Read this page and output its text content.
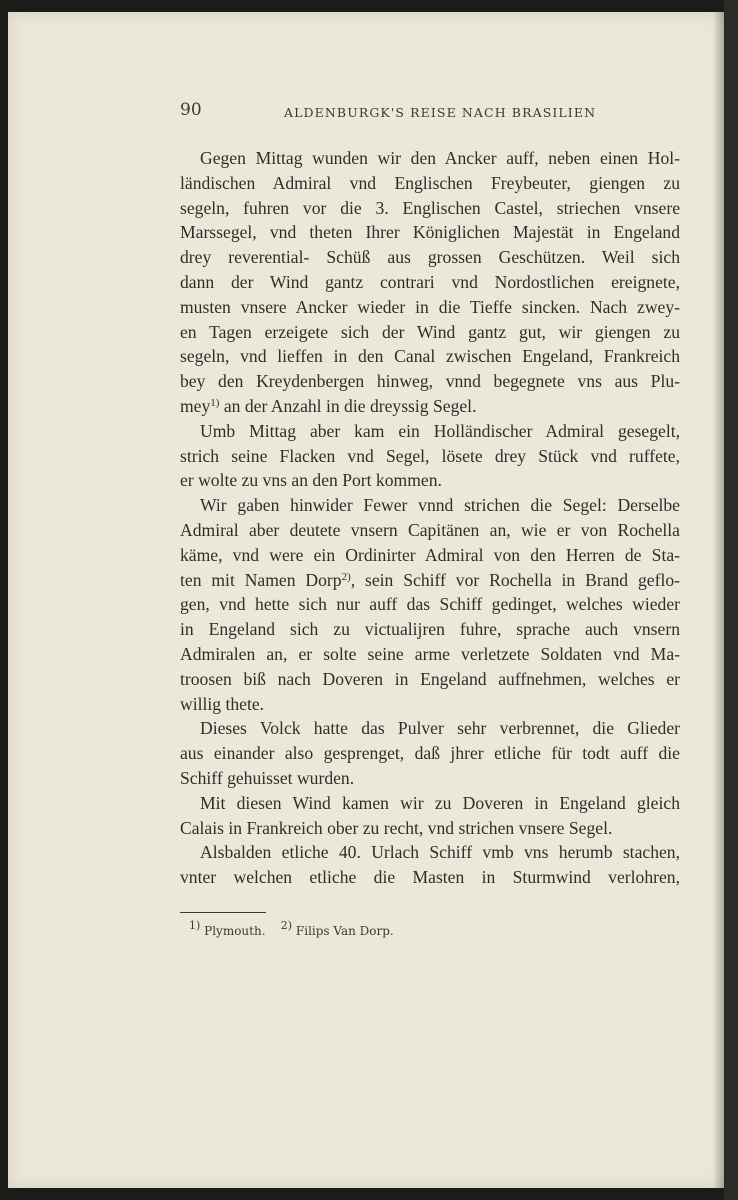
90	ALDENBURGK'S REISE NACH BRASILIEN
Gegen Mittag wunden wir den Ancker auff, neben einen Hol-
ländischen Admiral vnd Englischen Freybeuter, giengen zu
segeln, fuhren vor die 3. Englischen Castel, striechen vnsere
Marssegel, vnd theten Ihrer Königlichen Majestät in Engeland
drey reverential- Schüß aus grossen Geschützen. Weil sich
dann der Wind gantz contrari vnd Nordostlichen ereignete,
musten vnsere Ancker wieder in die Tieffe sincken. Nach zwey-
en Tagen erzeigete sich der Wind gantz gut, wir giengen zu
segeln, vnd lieffen in den Canal zwischen Engeland, Frankreich
bey den Kreydenbergen hinweg, vnnd begegnete vns aus Plu-
mey$^{1)}$ an der Anzahl in die dreyssig Segel.
Umb Mittag aber kam ein Holländischer Admiral gesegelt,
strich seine Flacken vnd Segel, lösete drey Stück vnd ruffete,
er wolte zu vns an den Port kommen.
Wir gaben hinwider Fewer vnnd strichen die Segel: Derselbe
Admiral aber deutete vnsern Capitänen an, wie er von Rochella
käme, vnd were ein Ordinirter Admiral von den Herren de Sta-
ten mit Namen Dorp$^{2)}$, sein Schiff vor Rochella in Brand geflo-
gen, vnd hette sich nur auff das Schiff gedinget, welches wieder
in Engeland sich zu victualijren fuhre, sprache auch vnsern
Admiralen an, er solte seine arme verletzete Soldaten vnd Ma-
troosen biß nach Doveren in Engeland auffnehmen, welches er
willig thete.
Dieses Volck hatte das Pulver sehr verbrennet, die Glieder
aus einander also gesprenget, daß jhrer etliche für todt auff die
Schiff gehuisset wurden.
Mit diesen Wind kamen wir zu Doveren in Engeland gleich
Calais in Frankreich ober zu recht, vnd strichen vnsere Segel.
Alsbalden etliche 40. Urlach Schiff vmb vns herumb stachen,
vnter welchen etliche die Masten in Sturmwind verlohren,
$^{1)}$ Plymouth. $^{2)}$ Filips Van Dorp.
